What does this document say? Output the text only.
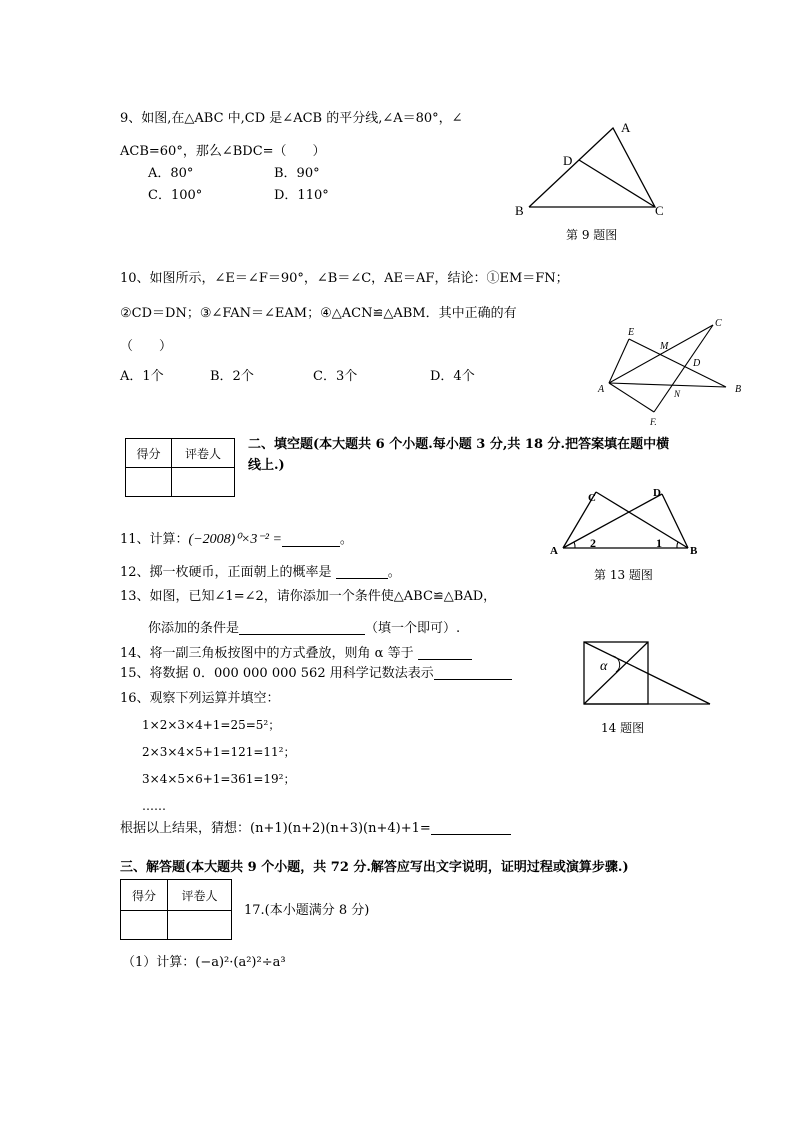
9、如图,在△ABC 中,CD 是∠ACB 的平分线,∠A＝80°，∠
ACB=60°，那么∠BDC=（　　）
A．80°	B．90°
C．100°	D．110°
A
D
B	C
第 9 题图
10、如图所示，∠E＝∠F＝90°，∠B＝∠C，AE＝AF，结论：①EM＝FN；
②CD＝DN；③∠FAN＝∠EAM；④△ACN≌△ABM．其中正确的有
（　　）
A．1个	B．2个	C．3个	D．4个
E
C
M
D
A	B
N
F.
得分	评卷人

二、填空题(本大题共 6 个小题.每小题 3 分,共 18 分.把答案填在题中横
线上.)
C	D
A	B
2	1
第 13 题图
11、计算：(−2008)⁰×3⁻² =	。
12、掷一枚硬币，正面朝上的概率是	。
13、如图，已知∠1=∠2，请你添加一个条件使△ABC≌△BAD，
你添加的条件是	（填一个即可）.
α
14 题图
14、将一副三角板按图中的方式叠放，则角 α 等于
15、将数据 0．000 000 000 562 用科学记数法表示
16、观察下列运算并填空：
1×2×3×4+1=25=5²；
2×3×4×5+1=121=11²；
3×4×5×6+1=361=19²；
……
根据以上结果，猜想：(n+1)(n+2)(n+3)(n+4)+1=
三、解答题(本大题共 9 个小题，共 72 分.解答应写出文字说明，证明过程或演算步骤.)
得分	评卷人

17.(本小题满分 8 分)
（1）计算：(−a)²·(a²)²÷a³
